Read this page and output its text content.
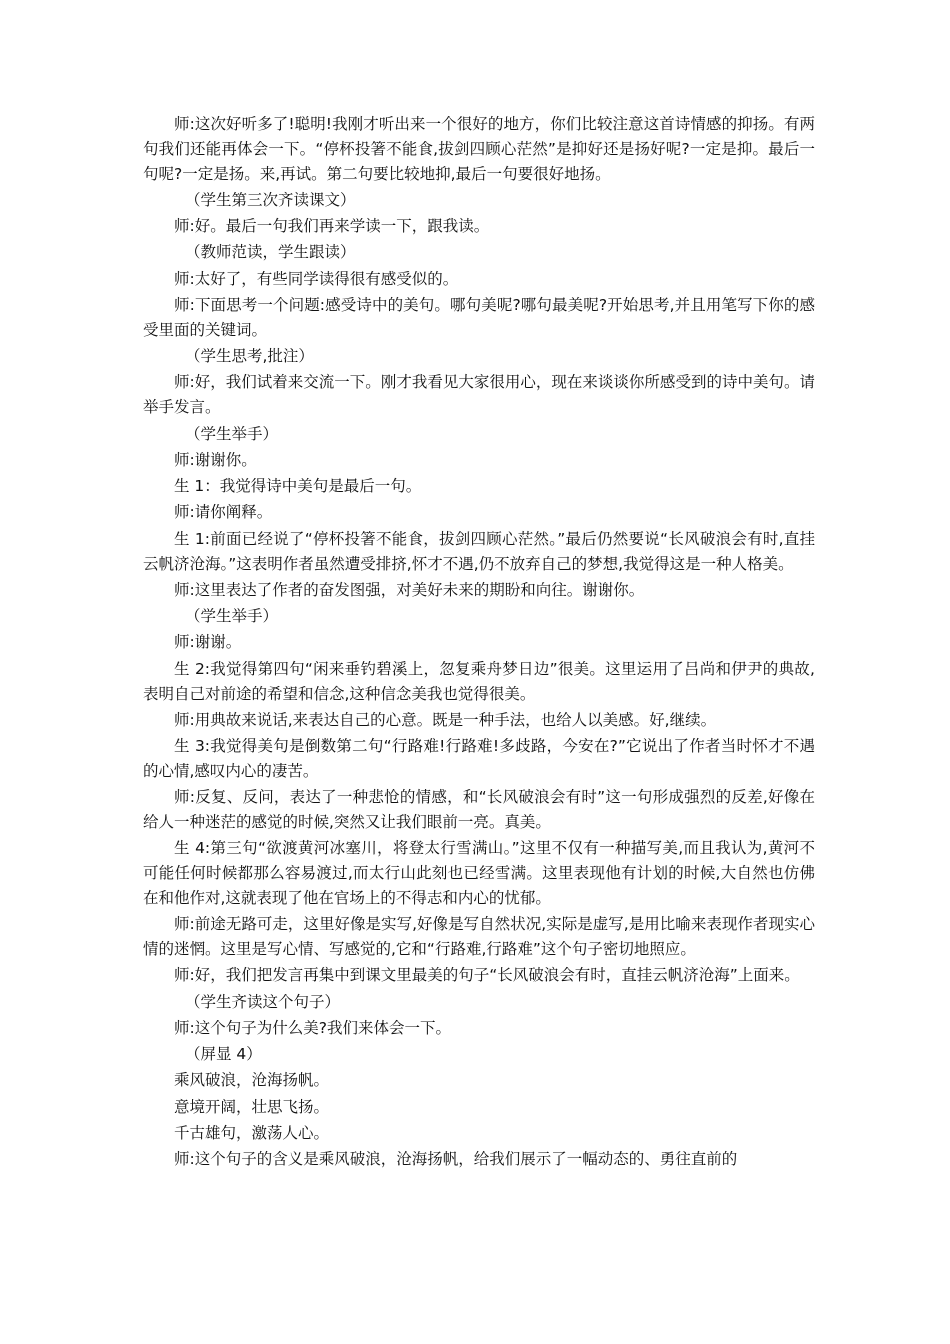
师:这次好听多了!聪明!我刚才听出来一个很好的地方，你们比较注意这首诗情感的抑扬。有两句我们还能再体会一下。“停杯投箸不能食,拔剑四顾心茫然”是抑好还是扬好呢?一定是抑。最后一句呢?一定是扬。来,再试。第二句要比较地抑,最后一句要很好地扬。

（学生第三次齐读课文）

师:好。最后一句我们再来学读一下，跟我读。

（教师范读，学生跟读）

师:太好了，有些同学读得很有感受似的。

师:下面思考一个问题:感受诗中的美句。哪句美呢?哪句最美呢?开始思考,并且用笔写下你的感受里面的关键词。

（学生思考,批注）

师:好，我们试着来交流一下。刚才我看见大家很用心，现在来谈谈你所感受到的诗中美句。请举手发言。

（学生举手）

师:谢谢你。

生 1：我觉得诗中美句是最后一句。

师:请你阐释。

生 1:前面已经说了“停杯投箸不能食，拔剑四顾心茫然。”最后仍然要说“长风破浪会有时,直挂云帆济沧海。”这表明作者虽然遭受排挤,怀才不遇,仍不放弃自己的梦想,我觉得这是一种人格美。

师:这里表达了作者的奋发图强，对美好未来的期盼和向往。谢谢你。

（学生举手）

师:谢谢。

生 2:我觉得第四句“闲来垂钓碧溪上，忽复乘舟梦日边”很美。这里运用了吕尚和伊尹的典故,表明自己对前途的希望和信念,这种信念美我也觉得很美。

师:用典故来说话,来表达自己的心意。既是一种手法，也给人以美感。好,继续。

生 3:我觉得美句是倒数第二句“行路难!行路难!多歧路，今安在?”它说出了作者当时怀才不遇的心情,感叹内心的凄苦。

师:反复、反问，表达了一种悲怆的情感，和“长风破浪会有时”这一句形成强烈的反差,好像在给人一种迷茫的感觉的时候,突然又让我们眼前一亮。真美。

生 4:第三句“欲渡黄河冰塞川，将登太行雪满山。”这里不仅有一种描写美,而且我认为,黄河不可能任何时候都那么容易渡过,而太行山此刻也已经雪满。这里表现他有计划的时候,大自然也仿佛在和他作对,这就表现了他在官场上的不得志和内心的忧郁。

师:前途无路可走，这里好像是实写,好像是写自然状况,实际是虚写,是用比喻来表现作者现实心情的迷惘。这里是写心情、写感觉的,它和“行路难,行路难”这个句子密切地照应。

师:好，我们把发言再集中到课文里最美的句子“长风破浪会有时，直挂云帆济沧海”上面来。

（学生齐读这个句子）

师:这个句子为什么美?我们来体会一下。

（屏显 4）

乘风破浪，沧海扬帆。

意境开阔，壮思飞扬。

千古雄句，激荡人心。

师:这个句子的含义是乘风破浪，沧海扬帆，给我们展示了一幅动态的、勇往直前的
